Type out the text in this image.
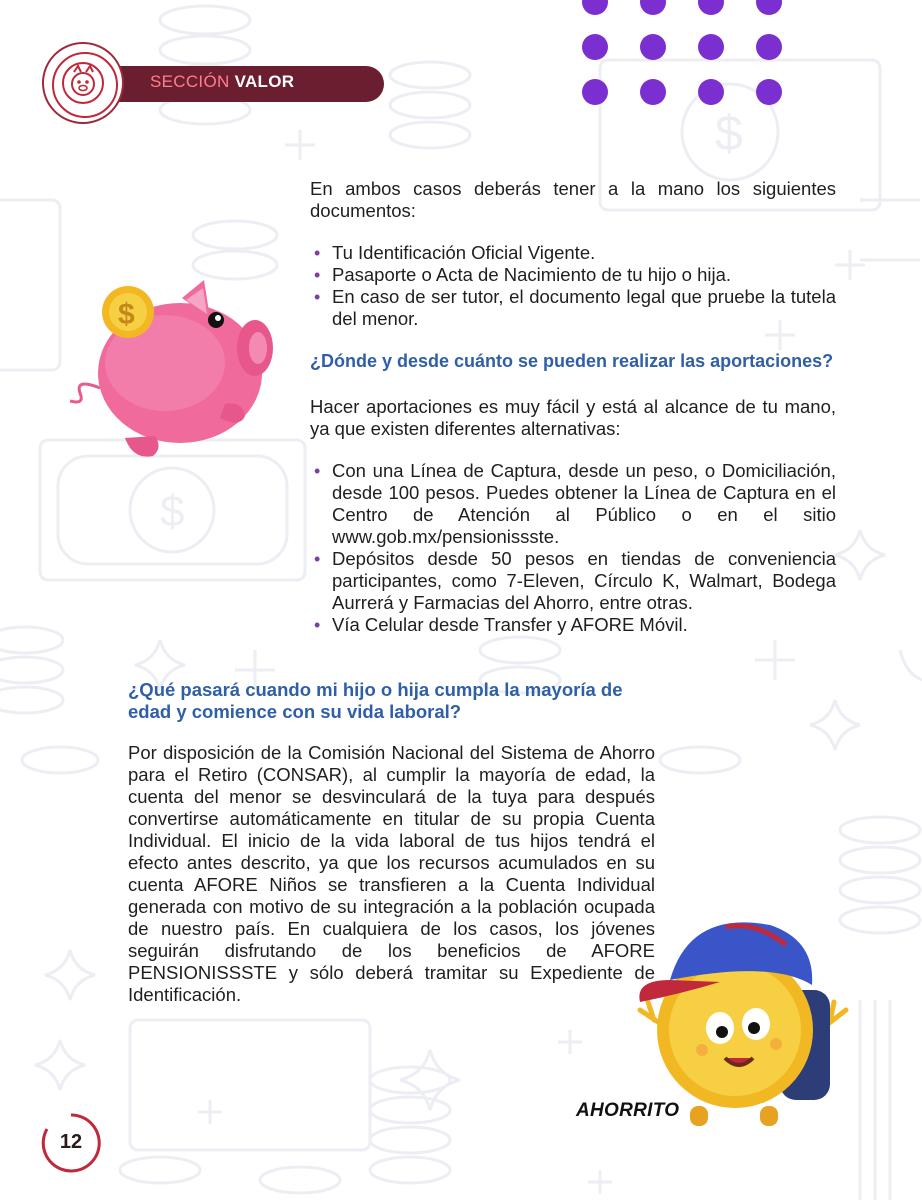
$
$
SECCIÓN VALOR
$

En ambos casos deberás tener a la mano los siguientes documentos:

• Tu Identificación Oficial Vigente.
• Pasaporte o Acta de Nacimiento de tu hijo o hija.
• En caso de ser tutor, el documento legal que pruebe la tutela del menor.
¿Dónde y desde cuánto se pueden realizar las aportaciones?

Hacer aportaciones es muy fácil y está al alcance de tu mano, ya que existen diferentes alternativas:

• Con una Línea de Captura, desde un peso, o Domiciliación, desde 100 pesos. Puedes obtener la Línea de Captura en el Centro de Atención al Público o en el sitio www.gob.mx/pensionissste.
• Depósitos desde 50 pesos en tiendas de conveniencia participantes, como 7-Eleven, Círculo K, Walmart, Bodega Aurrerá y Farmacias del Ahorro, entre otras.
• Vía Celular desde Transfer y AFORE Móvil.
¿Qué pasará cuando mi hijo o hija cumpla la mayoría de edad y comience con su vida laboral?

Por disposición de la Comisión Nacional del Sistema de Ahorro para el Retiro (CONSAR), al cumplir la mayoría de edad, la cuenta del menor se desvinculará de la tuya para después convertirse automáticamente en titular de su propia Cuenta Individual. El inicio de la vida laboral de tus hijos tendrá el efecto antes descrito, ya que los recursos acumulados en su cuenta AFORE Niños se transfieren a la Cuenta Individual generada con motivo de su integración a la población ocupada de nuestro país. En cualquiera de los casos, los jóvenes seguirán disfrutando de los beneficios de AFORE PENSIONISSSTE y sólo deberá tramitar su Expediente de Identificación.

AHORRITO
12
